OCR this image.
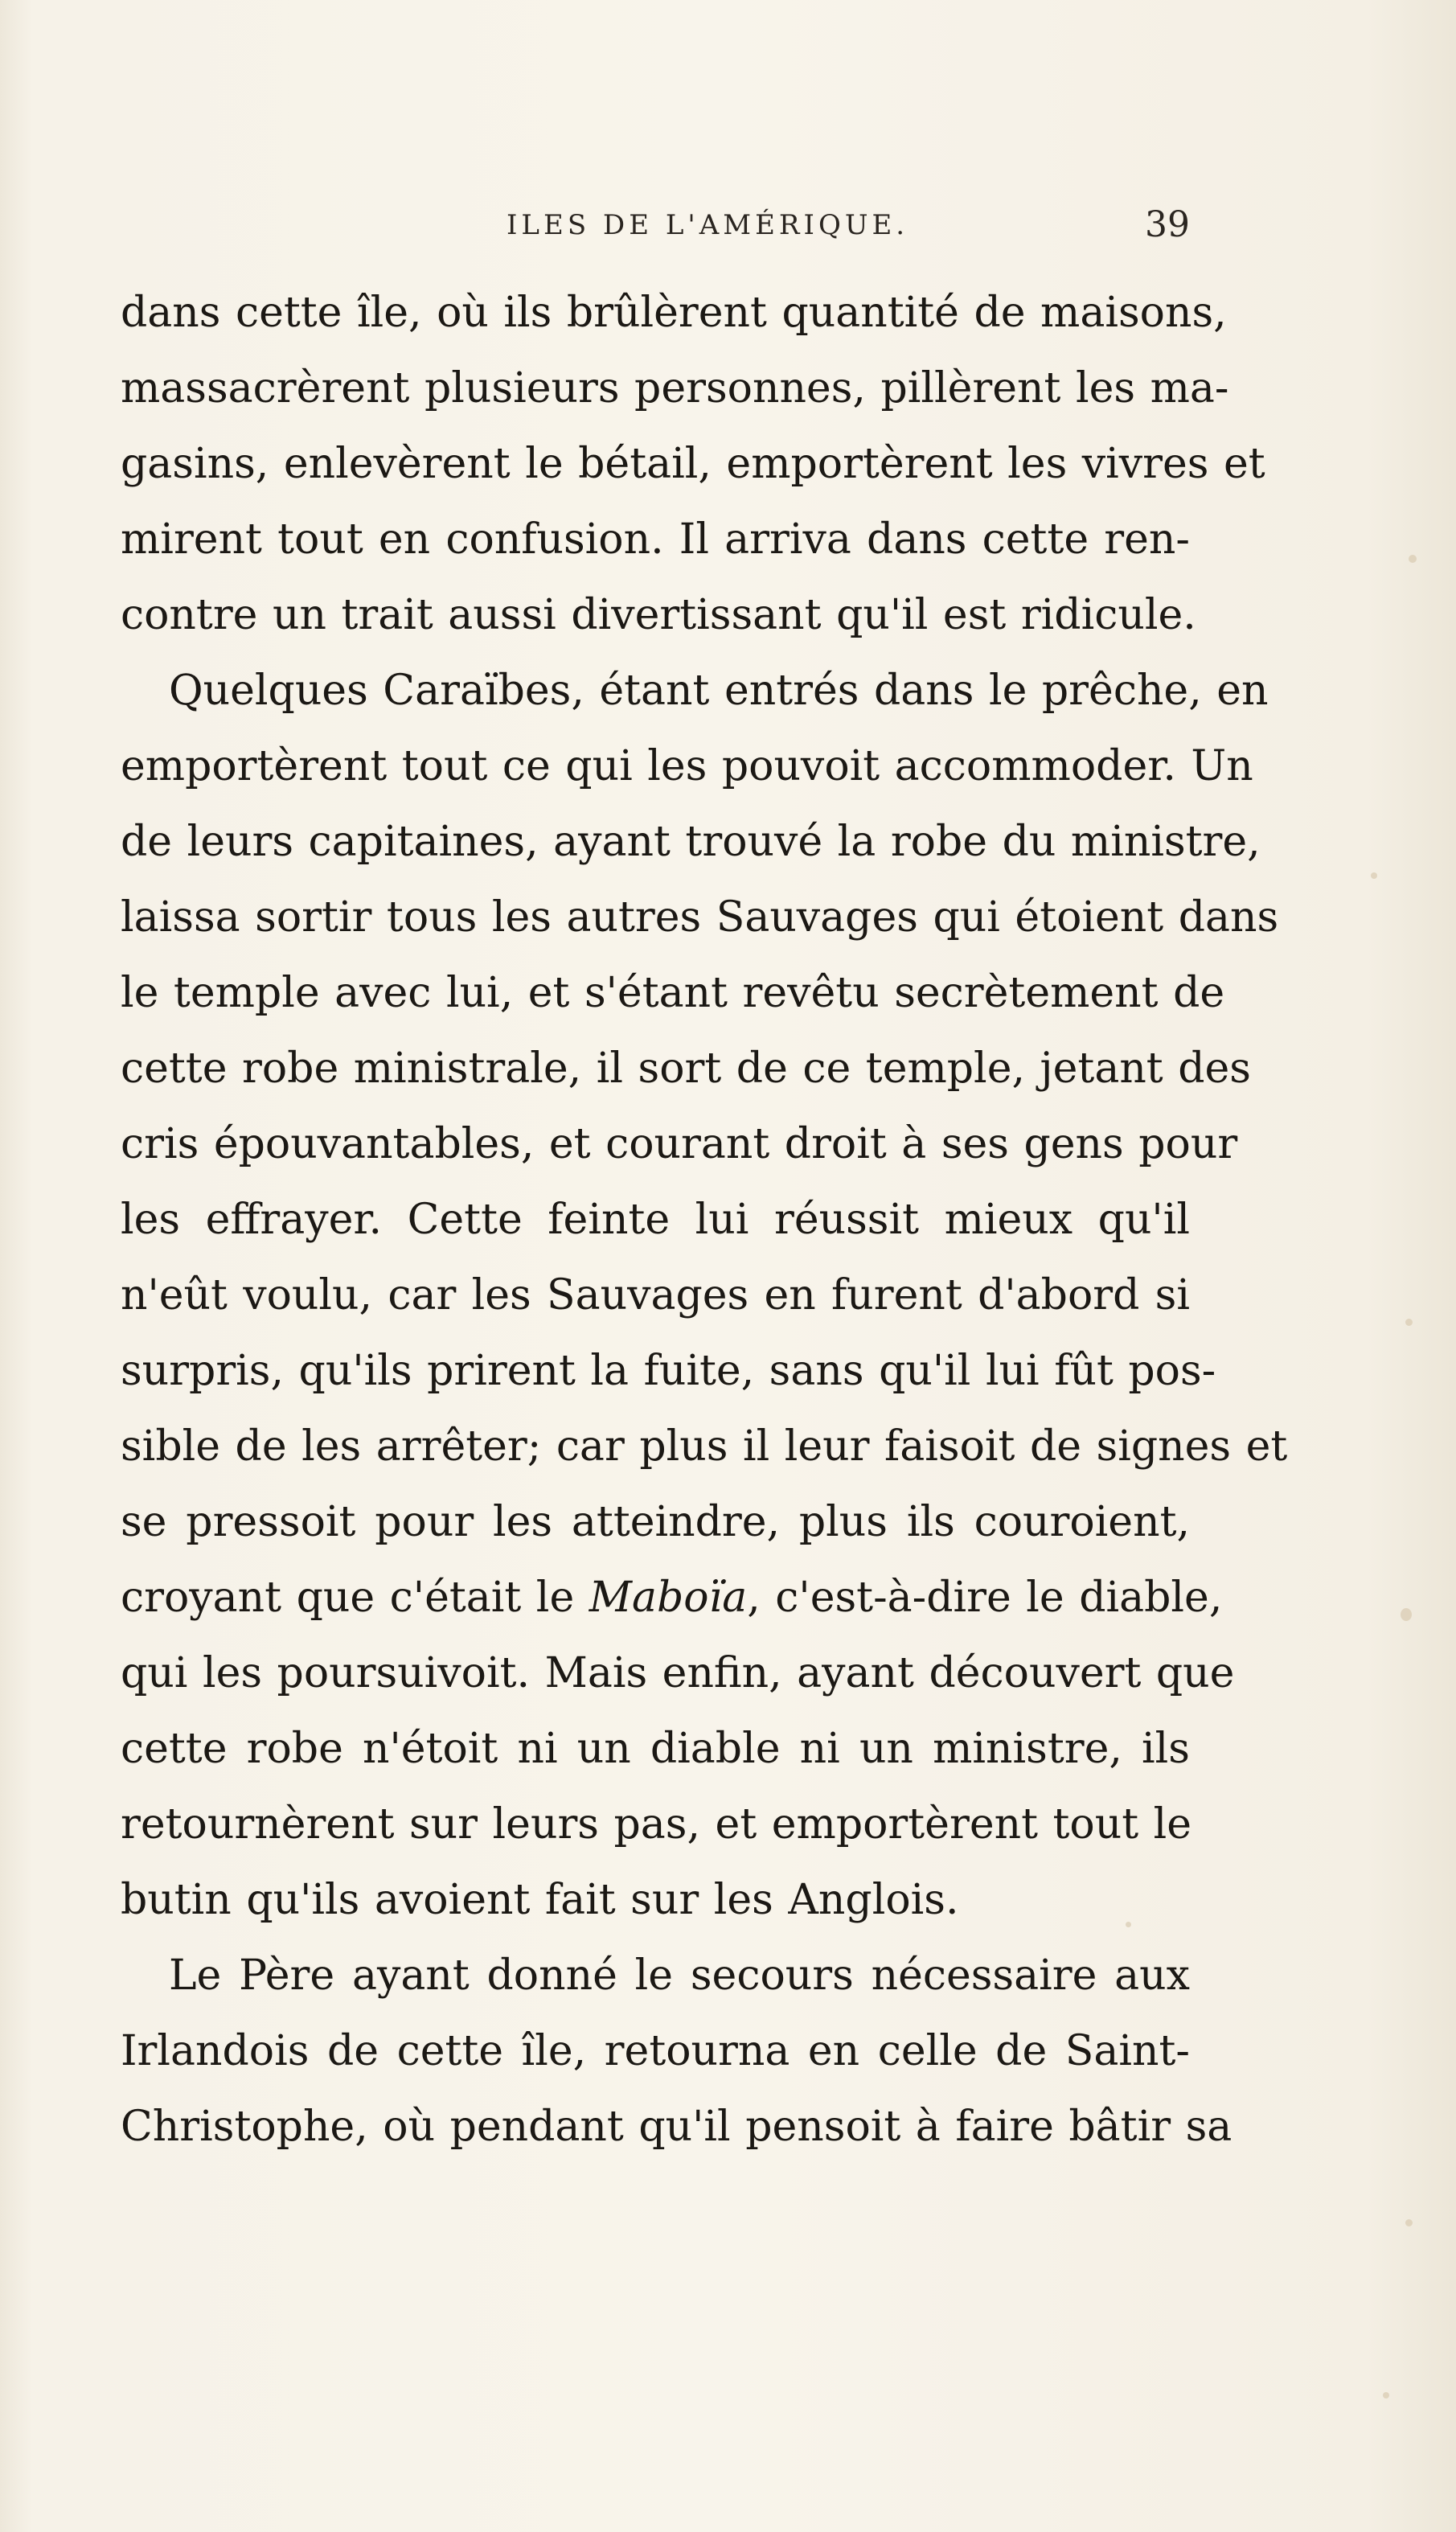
ILES DE L'AMÉRIQUE.	39
dans cette île, où ils brûlèrent quantité de maisons,
massacrèrent plusieurs personnes, pillèrent les ma-
gasins, enlevèrent le bétail, emportèrent les vivres et
mirent tout en confusion. Il arriva dans cette ren-
contre un trait aussi divertissant qu'il est ridicule.
Quelques Caraïbes, étant entrés dans le prêche, en
emportèrent tout ce qui les pouvoit accommoder. Un
de leurs capitaines, ayant trouvé la robe du ministre,
laissa sortir tous les autres Sauvages qui étoient dans
le temple avec lui, et s'étant revêtu secrètement de
cette robe ministrale, il sort de ce temple, jetant des
cris épouvantables, et courant droit à ses gens pour
les effrayer. Cette feinte lui réussit mieux qu'il
n'eût voulu, car les Sauvages en furent d'abord si
surpris, qu'ils prirent la fuite, sans qu'il lui fût pos-
sible de les arrêter; car plus il leur faisoit de signes et
se pressoit pour les atteindre, plus ils couroient,
croyant que c'était le Maboïa, c'est-à-dire le diable,
qui les poursuivoit. Mais enfin, ayant découvert que
cette robe n'étoit ni un diable ni un ministre, ils
retournèrent sur leurs pas, et emportèrent tout le
butin qu'ils avoient fait sur les Anglois.
Le Père ayant donné le secours nécessaire aux
Irlandois de cette île, retourna en celle de Saint-
Christophe, où pendant qu'il pensoit à faire bâtir sa
